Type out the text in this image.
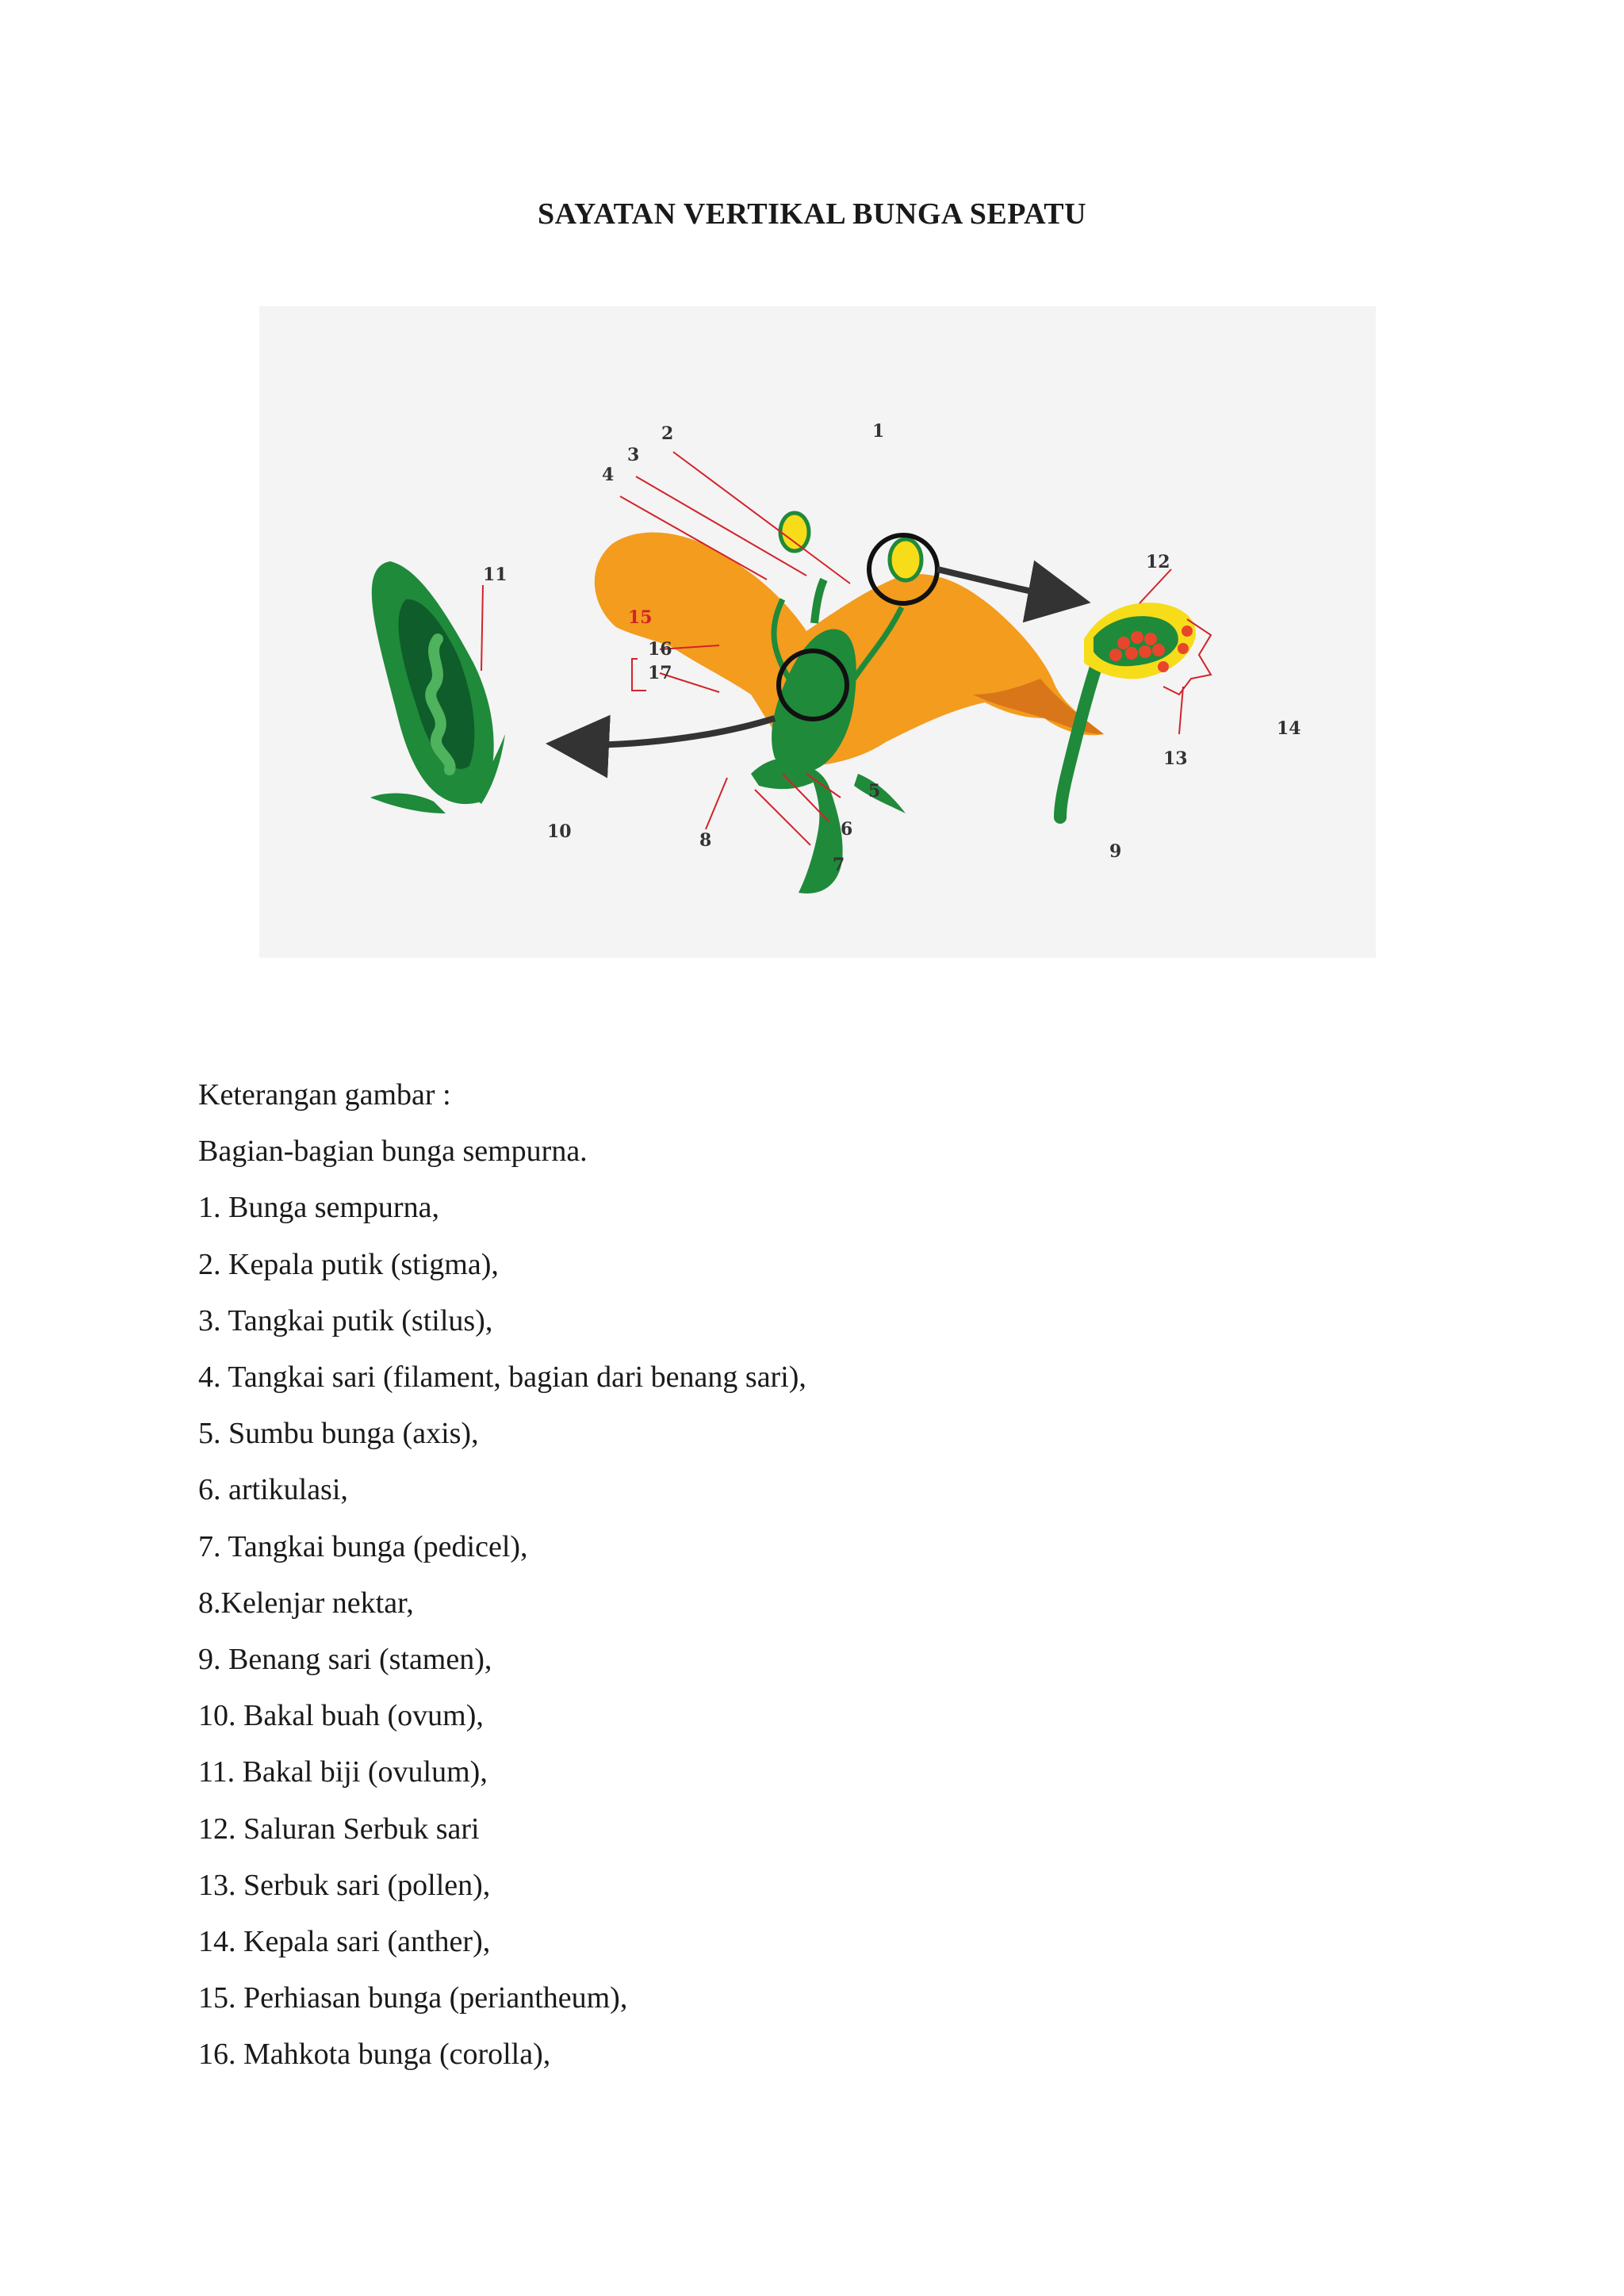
SAYATAN VERTIKAL BUNGA SEPATU
1
2
3
4
5
6
7
8
9
10
11
12
13
14
15
16
17
Keterangan gambar :
Bagian-bagian bunga sempurna.
1. Bunga sempurna,
2. Kepala putik (stigma),
3. Tangkai putik (stilus),
4. Tangkai sari (filament, bagian dari benang sari),
5. Sumbu bunga (axis),
6. artikulasi,
7. Tangkai bunga (pedicel),
8.Kelenjar nektar,
9. Benang sari (stamen),
10. Bakal buah (ovum),
11. Bakal biji (ovulum),
12. Saluran Serbuk sari
13. Serbuk sari (pollen),
14. Kepala sari (anther),
15. Perhiasan bunga (periantheum),
16. Mahkota bunga (corolla),
